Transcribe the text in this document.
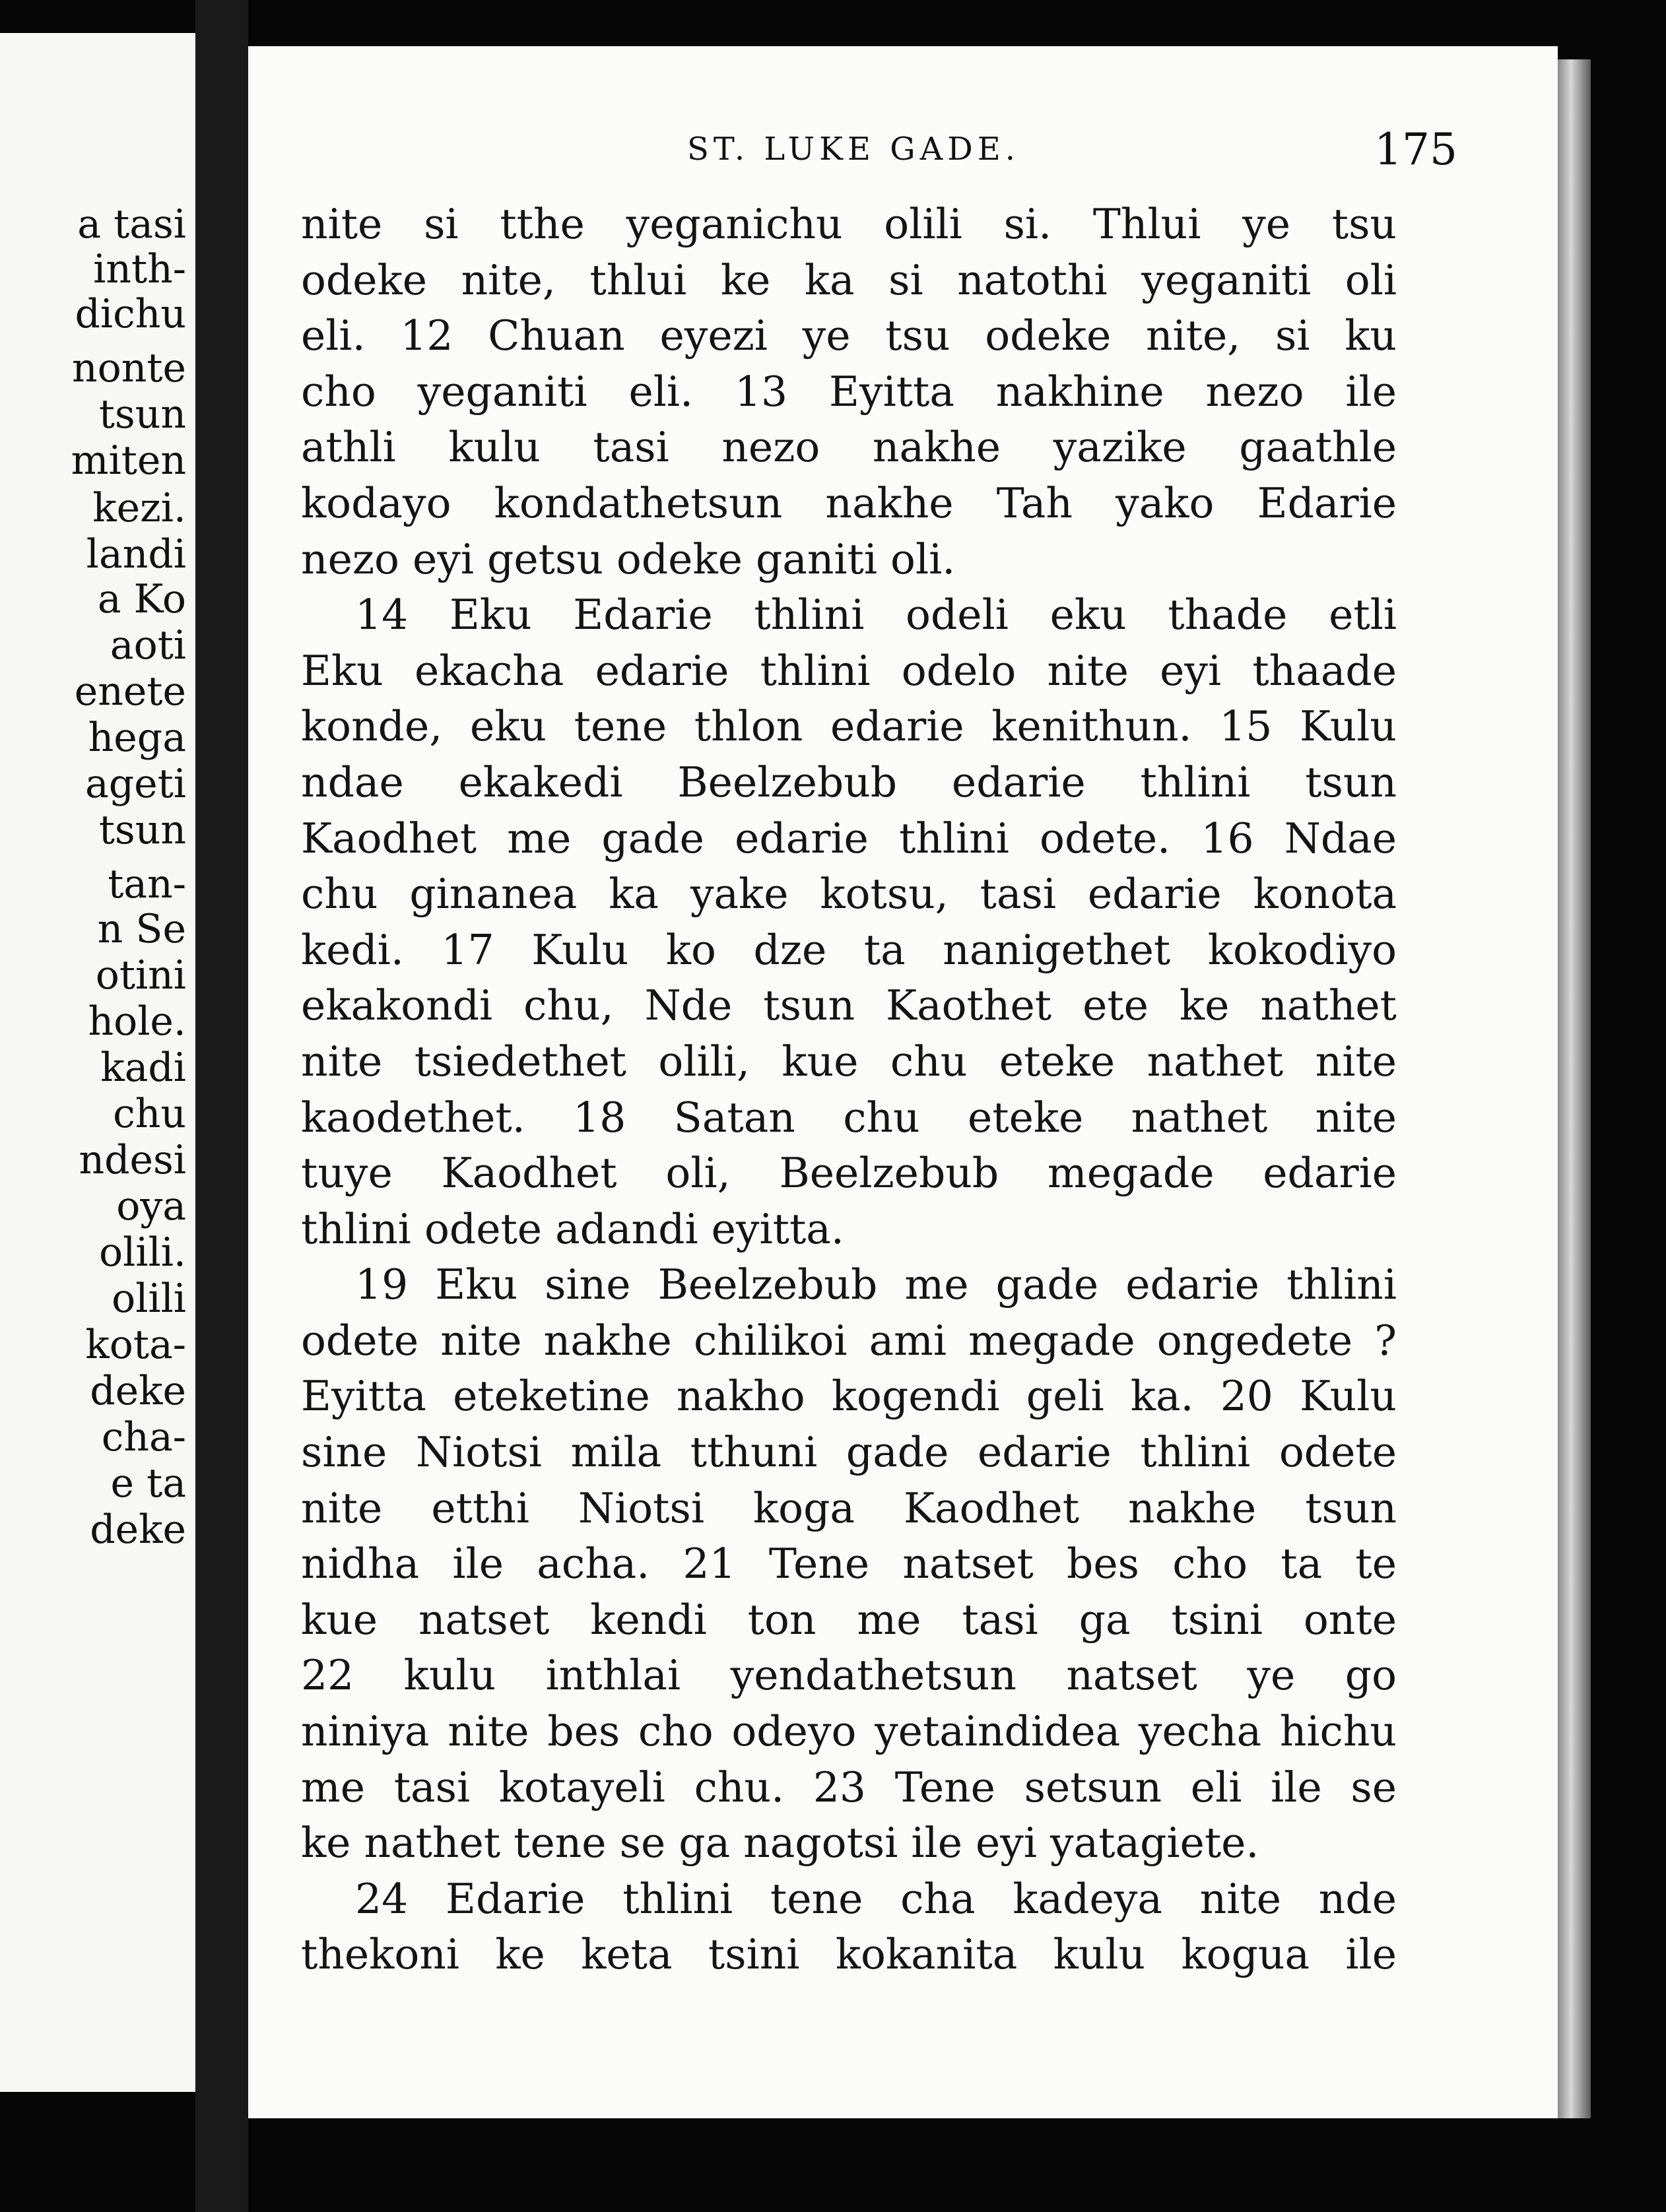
a tasi
inth-
dichu
nonte
tsun
miten
kezi.
landi
a Ko
aoti
enete
hega
ageti
tsun
tan-
n Se
otini
hole.
kadi
chu
ndesi
oya
olili.
olili
kota-
deke
cha-
e ta
deke
ST. LUKE GADE.	175
nite si tthe yeganichu olili si. Thlui ye tsu
odeke nite, thlui ke ka si natothi yeganiti oli
eli. 12 Chuan eyezi ye tsu odeke nite, si ku
cho yeganiti eli. 13 Eyitta nakhine nezo ile
athli kulu tasi nezo nakhe yazike gaathle
kodayo kondathetsun nakhe Tah yako Edarie
nezo eyi getsu odeke ganiti oli.
14 Eku Edarie thlini odeli eku thade etli
Eku ekacha edarie thlini odelo nite eyi thaade
konde, eku tene thlon edarie kenithun. 15 Kulu
ndae ekakedi Beelzebub edarie thlini tsun
Kaodhet me gade edarie thlini odete. 16 Ndae
chu ginanea ka yake kotsu, tasi edarie konota
kedi. 17 Kulu ko dze ta nanigethet kokodiyo
ekakondi chu, Nde tsun Kaothet ete ke nathet
nite tsiedethet olili, kue chu eteke nathet nite
kaodethet. 18 Satan chu eteke nathet nite
tuye Kaodhet oli, Beelzebub megade edarie
thlini odete adandi eyitta.
19 Eku sine Beelzebub me gade edarie thlini
odete nite nakhe chilikoi ami megade ongedete ?
Eyitta eteketine nakho kogendi geli ka. 20 Kulu
sine Niotsi mila tthuni gade edarie thlini odete
nite etthi Niotsi koga Kaodhet nakhe tsun
nidha ile acha. 21 Tene natset bes cho ta te
kue natset kendi ton me tasi ga tsini onte
22 kulu inthlai yendathetsun natset ye go
niniya nite bes cho odeyo yetaindidea yecha hichu
me tasi kotayeli chu. 23 Tene setsun eli ile se
ke nathet tene se ga nagotsi ile eyi yatagiete.
24 Edarie thlini tene cha kadeya nite nde
thekoni ke keta tsini kokanita kulu kogua ile
